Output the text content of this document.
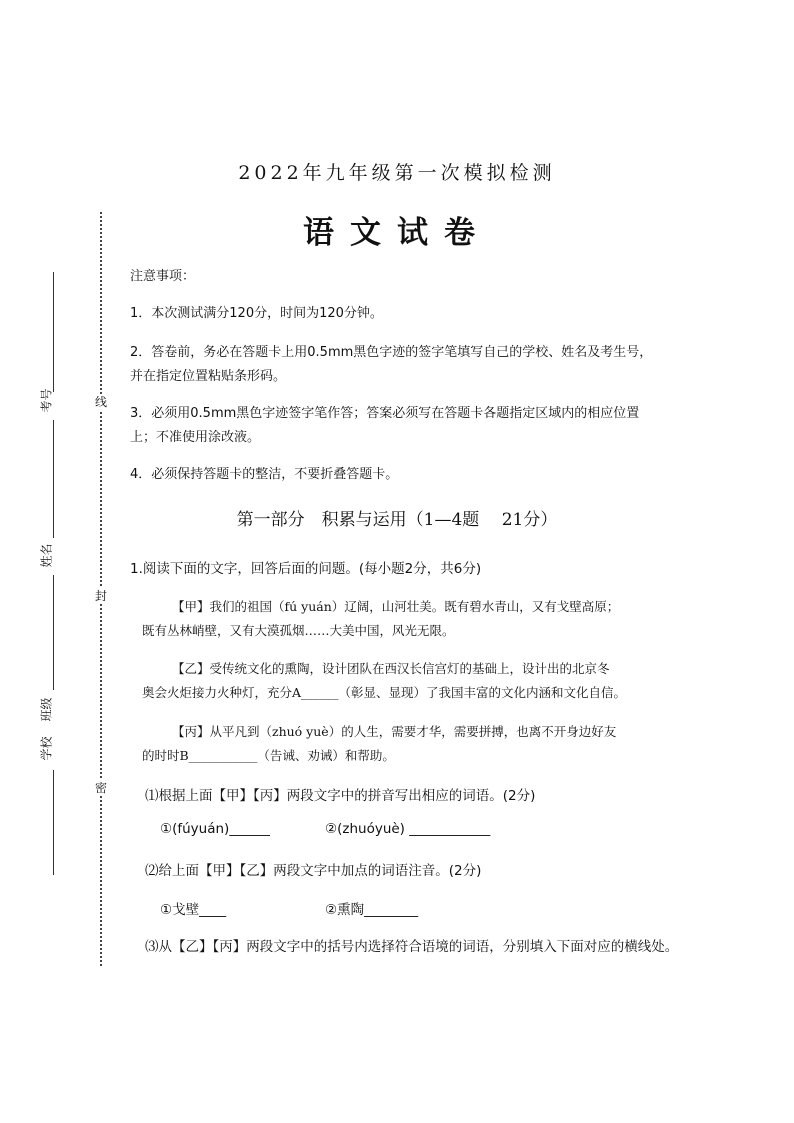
线
封
密
考号
姓名
班级
学校
2022年九年级第一次模拟检测
语文试卷
注意事项：
1．本次测试满分120分，时间为120分钟。
2．答卷前，务必在答题卡上用0.5mm黑色字迹的签字笔填写自己的学校、姓名及考生号，
并在指定位置粘贴条形码。
3．必须用0.5mm黑色字迹签字笔作答；答案必须写在答题卡各题指定区域内的相应位置
上；不准使用涂改液。
4．必须保持答题卡的整洁，不要折叠答题卡。
第一部分　积累与运用（1—4题　 21分）
1.阅读下面的文字，回答后面的问题。(每小题2分，共6分)
【甲】我们的祖国（fú yuán）辽阔，山河壮美。既有碧水青山，又有戈壁高原；
既有丛林峭壁，又有大漠孤烟……大美中国，风光无限。
【乙】受传统文化的熏陶，设计团队在西汉长信宫灯的基础上，设计出的北京冬
奥会火炬接力火种灯，充分A______（彰显、显现）了我国丰富的文化内涵和文化自信。
【丙】从平凡到（zhuó yuè）的人生，需要才华，需要拼搏，也离不开身边好友
的时时B___________（告诫、劝诫）和帮助。
⑴根据上面【甲】【丙】两段文字中的拼音写出相应的词语。(2分)
①(fúyuán)______	②(zhuóyuè) ____________
⑵给上面【甲】【乙】两段文字中加点的词语注音。(2分)
①戈壁____	②熏陶________
⑶从【乙】【丙】两段文字中的括号内选择符合语境的词语，分别填入下面对应的横线处。
